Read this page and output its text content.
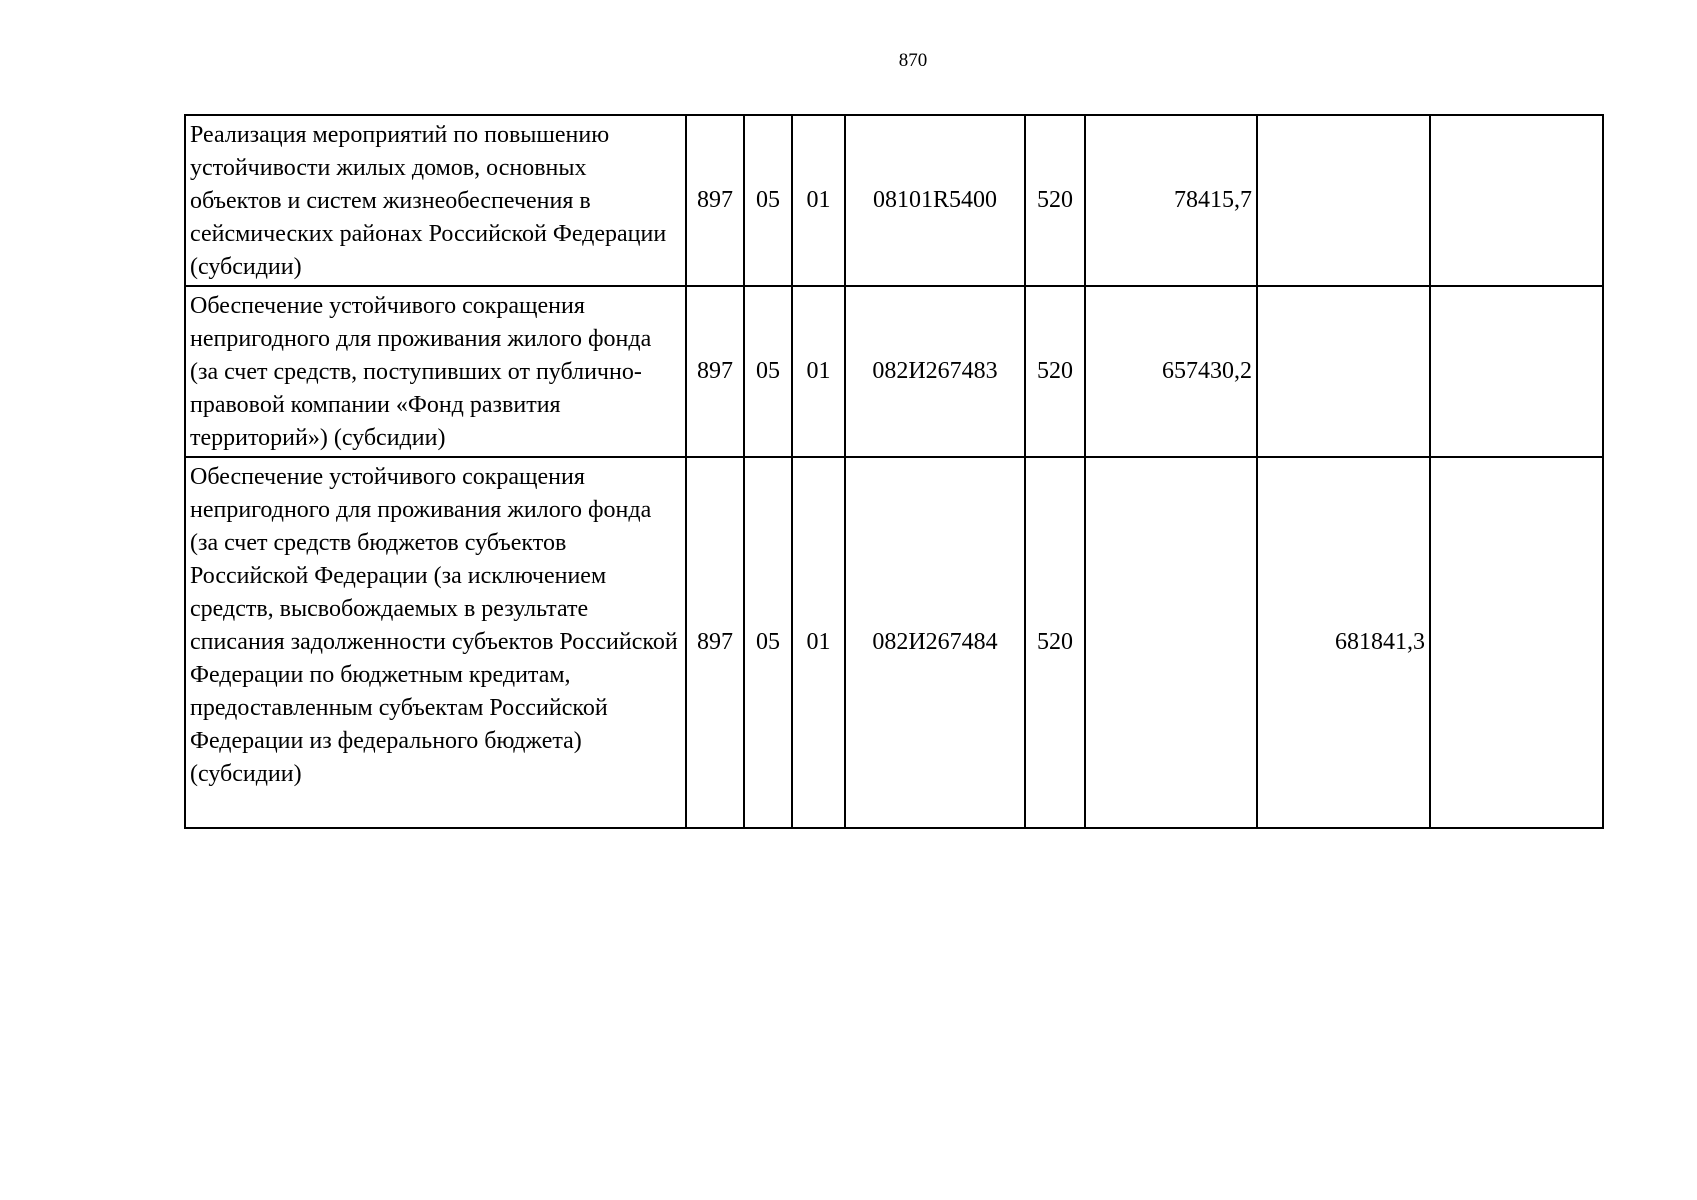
870
Реализация мероприятий по повышению устойчивости жилых домов, основных объектов и систем жизнеобеспечения в сейсмических районах Российской Федерации (субсидии)	897	05	01	08101R5400	520	78415,7		

Обеспечение устойчивого сокращения непригодного для проживания жилого фонда (за счет средств, поступивших от публично-правовой компании «Фонд развития территорий») (субсидии)	897	05	01	082И267483	520	657430,2		

Обеспечение устойчивого сокращения непригодного для проживания жилого фонда (за счет средств бюджетов субъектов Российской Федерации (за исключением средств, высвобождаемых в результате списания задолженности субъектов Российской Федерации по бюджетным кредитам, предоставленным субъектам Российской Федерации из федерального бюджета) (субсидии)	897	05	01	082И267484	520		681841,3	
